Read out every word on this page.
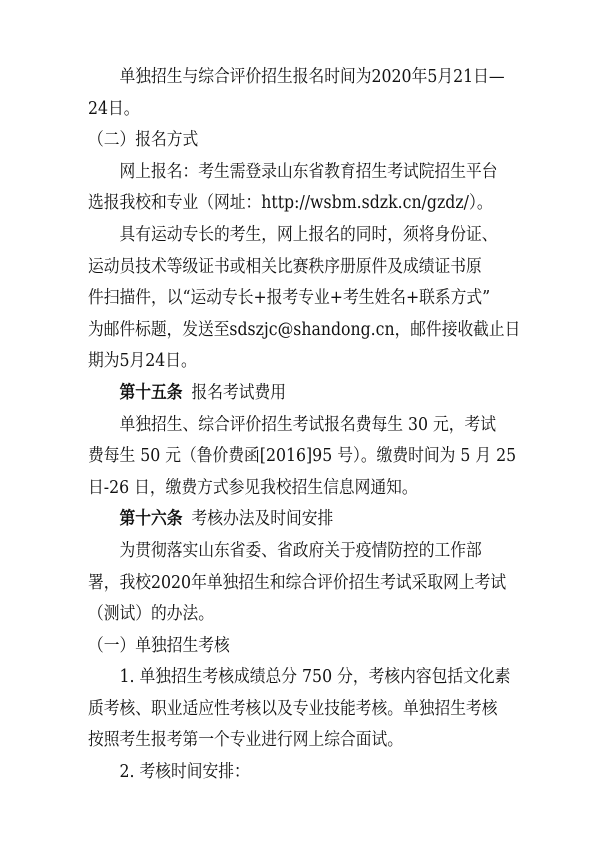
单独招生与综合评价招生报名时间为2020年5月21日—
24日。
（二）报名方式
网上报名：考生需登录山东省教育招生考试院招生平台
选报我校和专业（网址：http://wsbm.sdzk.cn/gzdz/）。
具有运动专长的考生，网上报名的同时，须将身份证、
运动员技术等级证书或相关比赛秩序册原件及成绩证书原
件扫描件，以“运动专长+报考专业+考生姓名+联系方式”
为邮件标题，发送至sdszjc@shandong.cn，邮件接收截止日
期为5月24日。
第十五条 报名考试费用
单独招生、综合评价招生考试报名费每生 30 元，考试
费每生 50 元（鲁价费函[2016]95 号）。缴费时间为 5 月 25
日-26 日，缴费方式参见我校招生信息网通知。
第十六条 考核办法及时间安排
为贯彻落实山东省委、省政府关于疫情防控的工作部
署，我校2020年单独招生和综合评价招生考试采取网上考试
（测试）的办法。
（一）单独招生考核
1. 单独招生考核成绩总分 750 分，考核内容包括文化素
质考核、职业适应性考核以及专业技能考核。单独招生考核
按照考生报考第一个专业进行网上综合面试。
2. 考核时间安排：
